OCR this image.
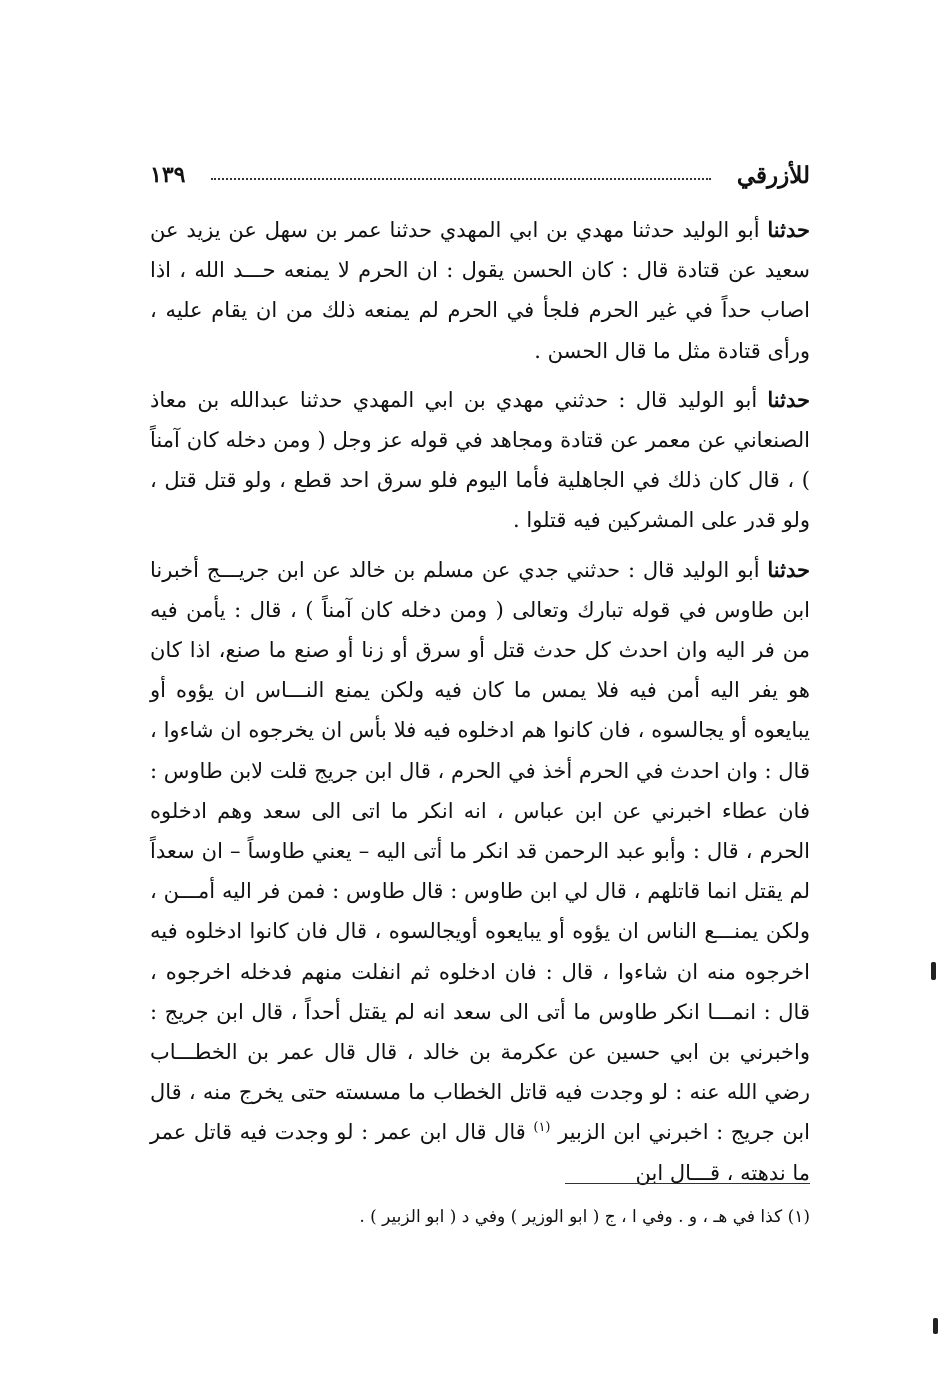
للأزرقي
١٣٩

حدثنا أبو الوليد حدثنا مهدي بن ابي المهدي حدثنا عمر بن سهل عن يزيد عن سعيد عن قتادة قال : كان الحسن يقول : ان الحرم لا يمنعه حـــد الله ، اذا اصاب حداً في غير الحرم فلجأ في الحرم لم يمنعه ذلك من ان يقام عليه ، ورأى قتادة مثل ما قال الحسن .

حدثنا أبو الوليد قال : حدثني مهدي بن ابي المهدي حدثنا عبدالله بن معاذ الصنعاني عن معمر عن قتادة ومجاهد في قوله عز وجل ( ومن دخله كان آمناً ) ، قال كان ذلك في الجاهلية فأما اليوم فلو سرق احد قطع ، ولو قتل قتل ، ولو قدر على المشركين فيه قتلوا .

حدثنا أبو الوليد قال : حدثني جدي عن مسلم بن خالد عن ابن جريـــج أخبرنا ابن طاوس في قوله تبارك وتعالى ( ومن دخله كان آمناً ) ، قال : يأمن فيه من فر اليه وان احدث كل حدث قتل أو سرق أو زنا أو صنع ما صنع، اذا كان هو يفر اليه أمن فيه فلا يمس ما كان فيه ولكن يمنع النـــاس ان يؤوه أو يبايعوه أو يجالسوه ، فان كانوا هم ادخلوه فيه فلا بأس ان يخرجوه ان شاءوا ، قال : وان احدث في الحرم أخذ في الحرم ، قال ابن جريج قلت لابن طاوس : فان عطاء اخبرني عن ابن عباس ، انه انكر ما اتى الى سعد وهم ادخلوه الحرم ، قال : وأبو عبد الرحمن قد انكر ما أتى اليه – يعني طاوساً – ان سعداً لم يقتل انما قاتلهم ، قال لي ابن طاوس : قال طاوس : فمن فر اليه أمـــن ، ولكن يمنـــع الناس ان يؤوه أو يبايعوه أويجالسوه ، قال فان كانوا ادخلوه فيه اخرجوه منه ان شاءوا ، قال : فان ادخلوه ثم انفلت منهم فدخله اخرجوه ، قال : انمـــا انكر طاوس ما أتى الى سعد انه لم يقتل أحداً ، قال ابن جريج : واخبرني بن ابي حسين عن عكرمة بن خالد ، قال قال عمر بن الخطـــاب رضي الله عنه : لو وجدت فيه قاتل الخطاب ما مسسته حتى يخرج منه ، قال ابن جريج : اخبرني ابن الزبير $^{(١)}$ قال قال ابن عمر : لو وجدت فيه قاتل عمر ما ندهته ، قـــال ابن

(١) كذا في هـ ، و . وفي ا ، ج ( ابو الوزير ) وفي د ( ابو الزبير ) .
